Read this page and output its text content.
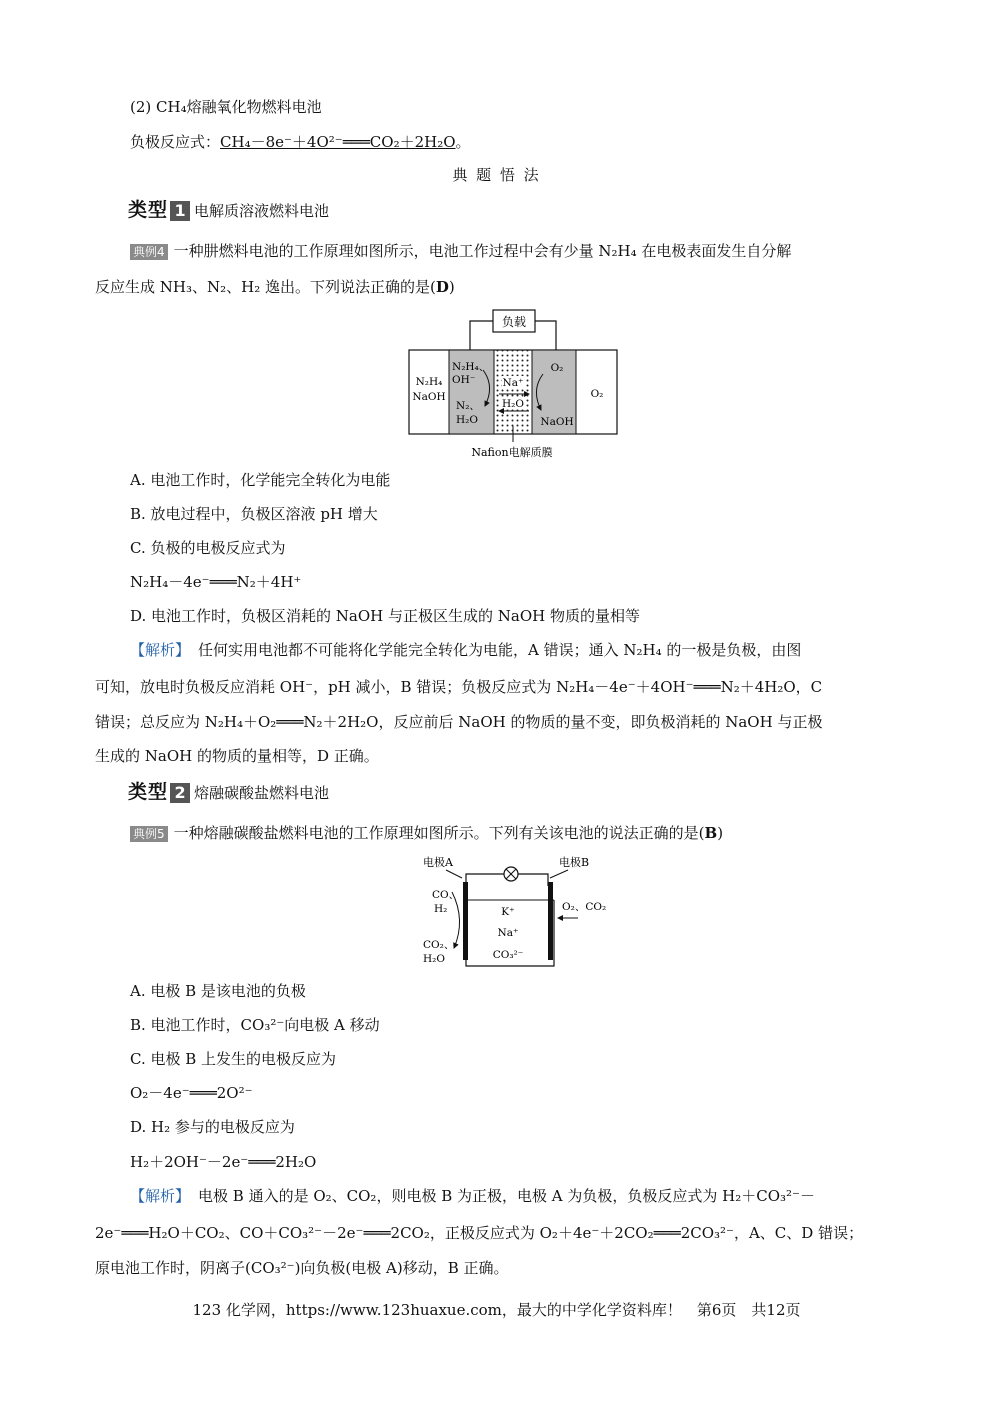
(2) CH₄熔融氧化物燃料电池
负极反应式：CH₄－8e⁻＋4O²⁻═══CO₂＋2H₂O。
典 题 悟 法
类型 1 电解质溶液燃料电池
典例4 一种肼燃料电池的工作原理如图所示，电池工作过程中会有少量 N₂H₄ 在电极表面发生自分解
反应生成 NH₃、N₂、H₂ 逸出。下列说法正确的是(D)
负载
N₂H₄
NaOH
N₂H₄、
OH⁻
N₂、
H₂O
Na⁺
H₂O
O₂
NaOH
O₂
Nafion电解质膜
A. 电池工作时，化学能完全转化为电能
B. 放电过程中，负极区溶液 pH 增大
C. 负极的电极反应式为
N₂H₄－4e⁻═══N₂＋4H⁺
D. 电池工作时，负极区消耗的 NaOH 与正极区生成的 NaOH 物质的量相等
【解析】 任何实用电池都不可能将化学能完全转化为电能，A 错误；通入 N₂H₄ 的一极是负极，由图
可知，放电时负极反应消耗 OH⁻，pH 减小，B 错误；负极反应式为 N₂H₄－4e⁻＋4OH⁻═══N₂＋4H₂O，C
错误；总反应为 N₂H₄＋O₂═══N₂＋2H₂O，反应前后 NaOH 的物质的量不变，即负极消耗的 NaOH 与正极
生成的 NaOH 的物质的量相等，D 正确。
类型 2 熔融碳酸盐燃料电池
典例5 一种熔融碳酸盐燃料电池的工作原理如图所示。下列有关该电池的说法正确的是(B)
电极A	电极B
CO、
H₂
CO₂、
H₂O
O₂、CO₂
K⁺
Na⁺
CO₃²⁻
A. 电极 B 是该电池的负极
B. 电池工作时，CO₃²⁻向电极 A 移动
C. 电极 B 上发生的电极反应为
O₂－4e⁻═══2O²⁻
D. H₂ 参与的电极反应为
H₂＋2OH⁻－2e⁻═══2H₂O
【解析】 电极 B 通入的是 O₂、CO₂，则电极 B 为正极，电极 A 为负极，负极反应式为 H₂＋CO₃²⁻－
2e⁻═══H₂O＋CO₂、CO＋CO₃²⁻－2e⁻═══2CO₂，正极反应式为 O₂＋4e⁻＋2CO₂═══2CO₃²⁻，A、C、D 错误；
原电池工作时，阴离子(CO₃²⁻)向负极(电极 A)移动，B 正确。
123 化学网，https://www.123huaxue.com，最大的中学化学资料库！　第6页　共12页
